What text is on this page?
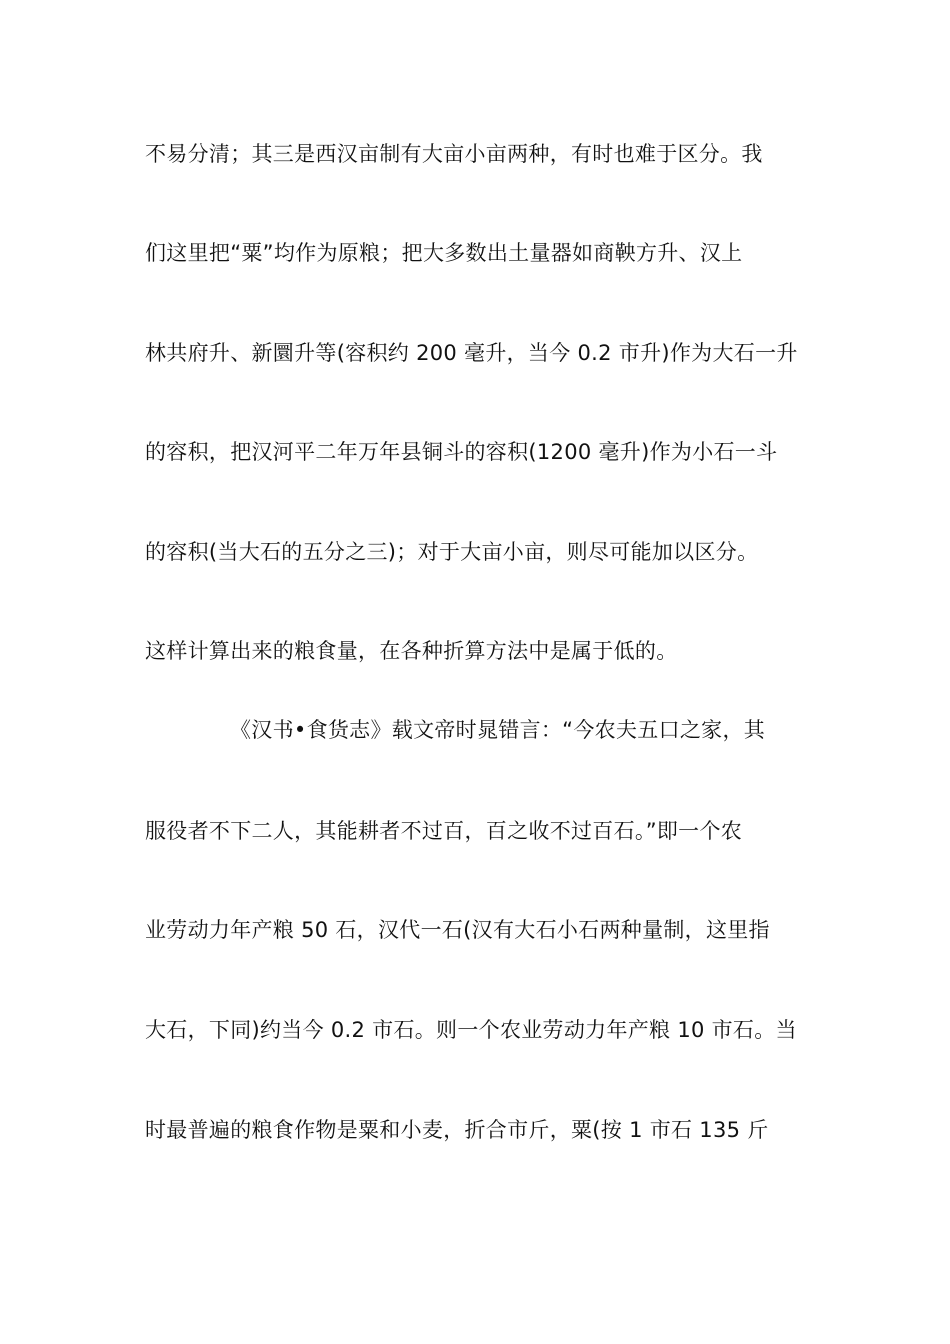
不易分清；其三是西汉亩制有大亩小亩两种，有时也难于区分。我
们这里把“粟”均作为原粮；把大多数出土量器如商鞅方升、汉上
林共府升、新圜升等(容积约 200 毫升，当今 0.2 市升)作为大石一升
的容积，把汉河平二年万年县铜斗的容积(1200 毫升)作为小石一斗
的容积(当大石的五分之三)；对于大亩小亩，则尽可能加以区分。
这样计算出来的粮食量，在各种折算方法中是属于低的。
《汉书•食货志》载文帝时晁错言：“今农夫五口之家，其
服役者不下二人，其能耕者不过百，百之收不过百石。”即一个农
业劳动力年产粮 50 石，汉代一石(汉有大石小石两种量制，这里指
大石，下同)约当今 0.2 市石。则一个农业劳动力年产粮 10 市石。当
时最普遍的粮食作物是粟和小麦，折合市斤，粟(按 1 市石 135 斤
